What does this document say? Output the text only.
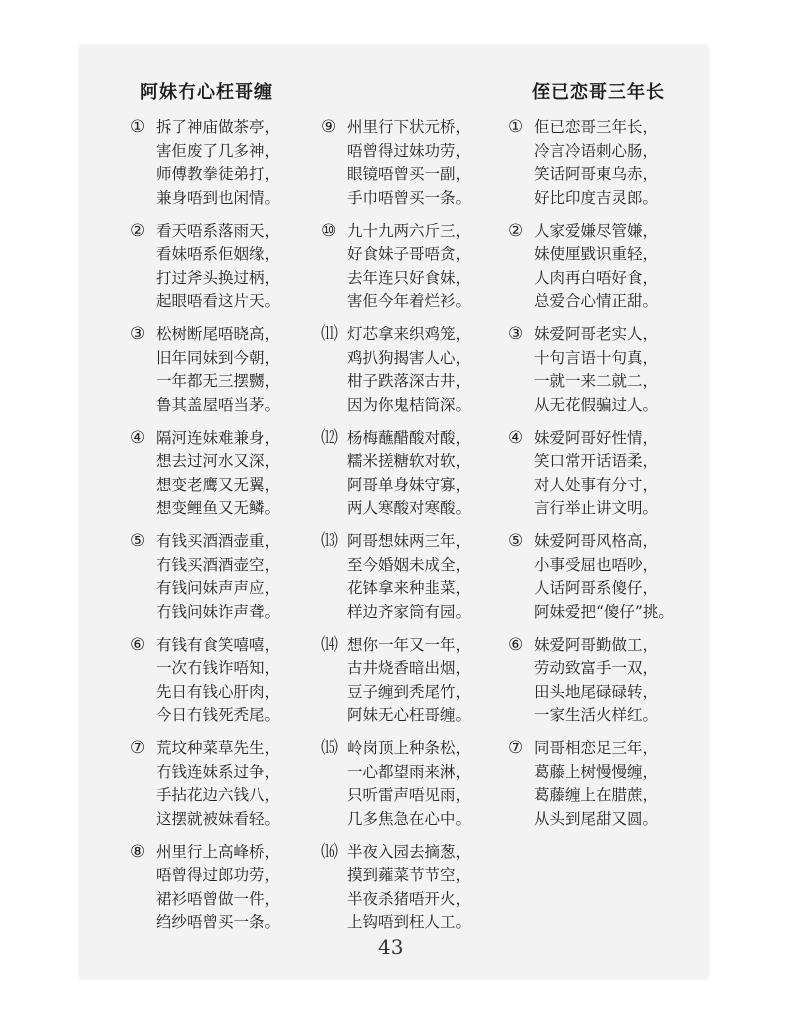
阿妹冇心枉哥缠	侄已恋哥三年长
① 拆了神庙做茶亭，
害佢废了几多神，
师傅教拳徒弟打，
兼身唔到也闲情。
② 看天唔系落雨天，
看妹唔系佢姻缘，
打过斧头换过柄，
起眼唔看这片天。
③ 松树断尾唔晓高，
旧年同妹到今朝，
一年都无三摆嬲，
鲁其盖屋唔当茅。
④ 隔河连妹难兼身，
想去过河水又深，
想变老鹰又无翼，
想变鲤鱼又无鳞。
⑤ 有钱买酒酒壶重，
冇钱买酒酒壶空，
有钱问妹声声应，
冇钱问妹诈声聋。
⑥ 有钱有食笑嘻嘻，
一次冇钱诈唔知，
先日有钱心肝肉，
今日冇钱死秃尾。
⑦ 荒坟种菜草先生，
冇钱连妹系过争，
手拈花边六钱八，
这摆就被妹看轻。
⑧ 州里行上高峰桥，
唔曾得过郎功劳，
裙衫唔曾做一件，
绉纱唔曾买一条。
⑨ 州里行下状元桥，
唔曾得过妹功劳，
眼镜唔曾买一副，
手巾唔曾买一条。
⑩ 九十九两六斤三，
好食妹子哥唔贪，
去年连只好食妹，
害佢今年着烂衫。
⑾ 灯芯拿来织鸡笼，
鸡扒狗揭害人心，
柑子跌落深古井，
因为你鬼桔筒深。
⑿ 杨梅蘸醋酸对酸，
糯米搓糖软对软，
阿哥单身妹守寡，
两人寒酸对寒酸。
⒀ 阿哥想妹两三年，
至今婚姻未成全，
花钵拿来种韭菜，
样边齐家筒有园。
⒁ 想你一年又一年，
古井烧香暗出烟，
豆子缠到秃尾竹，
阿妹无心枉哥缠。
⒂ 岭岗顶上种条松，
一心都望雨来淋，
只听雷声唔见雨，
几多焦急在心中。
⒃ 半夜入园去摘葱，
摸到蕹菜节节空，
半夜杀猪唔开火，
上钩唔到枉人工。
① 佢已恋哥三年长，
冷言冷语刺心肠，
笑话阿哥東乌赤，
好比印度吉灵郎。
② 人家爱嫌尽管嫌，
妹使厘戥识重轻，
人肉再白唔好食，
总爱合心情正甜。
③ 妹爱阿哥老实人，
十句言语十句真，
一就一来二就二，
从无花假骗过人。
④ 妹爱阿哥好性情，
笑口常开话语柔，
对人处事有分寸，
言行举止讲文明。
⑤ 妹爱阿哥风格高，
小事受屈也唔吵，
人话阿哥系傻仔，
阿妹爱把“傻仔”挑。
⑥ 妹爱阿哥勤做工，
劳动致富手一双，
田头地尾碌碌转，
一家生活火样红。
⑦ 同哥相恋足三年，
葛藤上树慢慢缠，
葛藤缠上在腊蔗，
从头到尾甜又圆。

43
